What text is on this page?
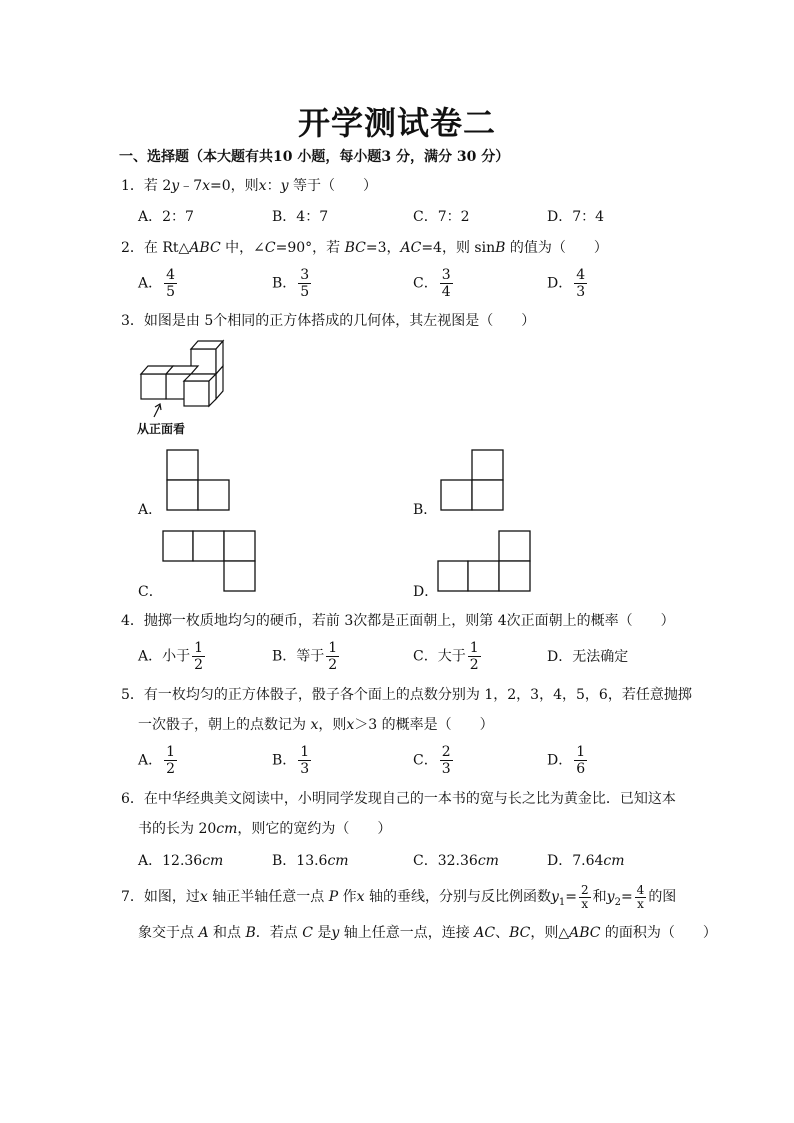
开学测试卷二
一、选择题（本大题有共10 小题，每小题3 分，满分 30 分）
1．若 2y﹣7x=0，则x：y 等于（　　）
A．2：7	B．4：7	C．7：2	D．7：4
2．在 Rt△ABC 中，∠C=90°，若 BC=3，AC=4，则 sinB 的值为（　　）
A． $\frac{4}{5}$	B． $\frac{3}{5}$	C． $\frac{3}{4}$	D． $\frac{4}{3}$
3．如图是由 5个相同的正方体搭成的几何体，其左视图是（　　）
从正面看
A．	B．
C．	D．
4．抛掷一枚质地均匀的硬币，若前 3次都是正面朝上，则第 4次正面朝上的概率（　　）
A．小于 $\frac{1}{2}$	B．等于 $\frac{1}{2}$	C．大于 $\frac{1}{2}$	D．无法确定
5．有一枚均匀的正方体骰子，骰子各个面上的点数分别为 1，2，3，4，5，6，若任意抛掷
一次骰子，朝上的点数记为 x，则x＞3 的概率是（　　）
A． $\frac{1}{2}$	B． $\frac{1}{3}$	C． $\frac{2}{3}$	D． $\frac{1}{6}$
6．在中华经典美文阅读中，小明同学发现自己的一本书的宽与长之比为黄金比．已知这本
书的长为 20cm，则它的宽约为（　　）
A．12.36cm	B．13.6cm	C．32.36cm	D．7.64cm
7．如图，过x 轴正半轴任意一点 P 作x 轴的垂线，分别与反比例函数$y_1= \frac{2}{x}$ 和$y_2= \frac{4}{x}$ 的图
象交于点 A 和点 B．若点 C 是y 轴上任意一点，连接 AC、BC，则△ABC 的面积为（　　）
